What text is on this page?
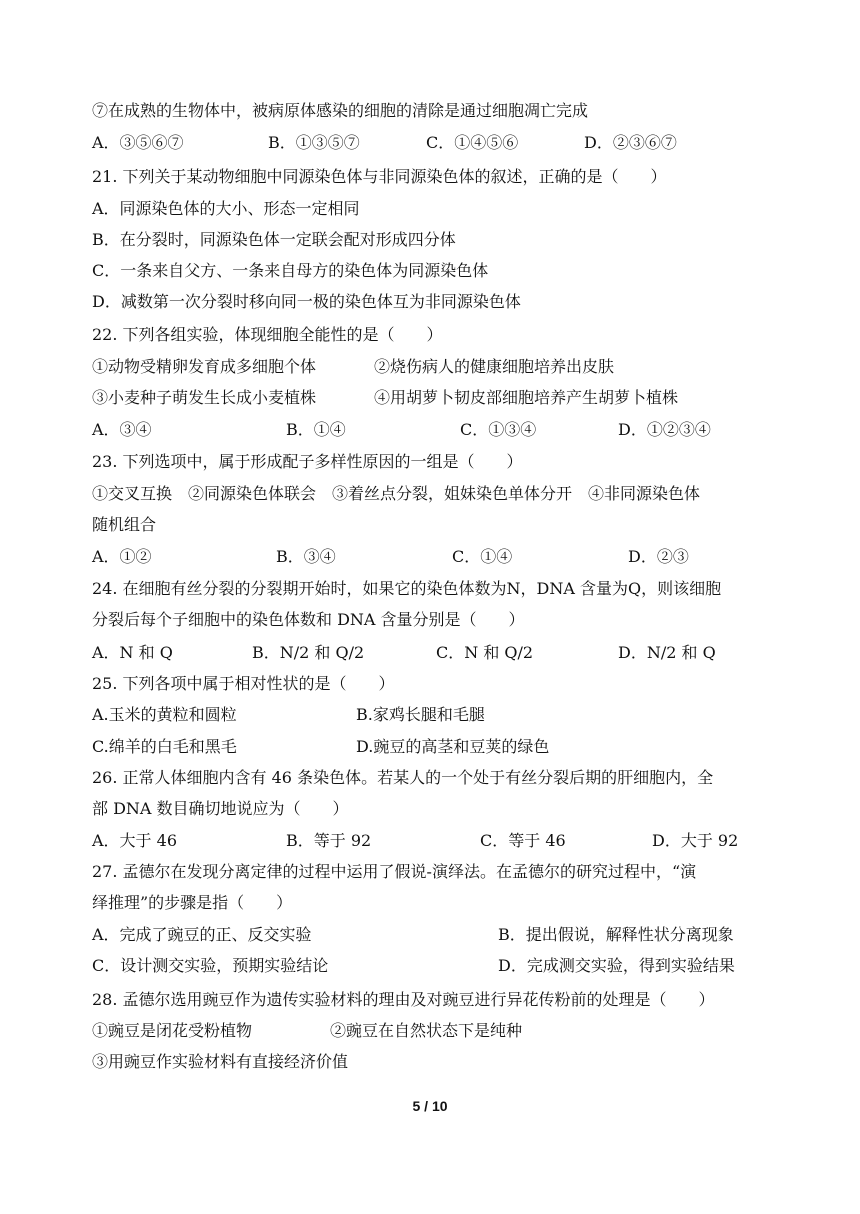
⑦在成熟的生物体中，被病原体感染的细胞的清除是通过细胞凋亡完成
A．③⑤⑥⑦	B．①③⑤⑦	C．①④⑤⑥	D．②③⑥⑦
21. 下列关于某动物细胞中同源染色体与非同源染色体的叙述，正确的是（　　）
A．同源染色体的大小、形态一定相同
B．在分裂时，同源染色体一定联会配对形成四分体
C．一条来自父方、一条来自母方的染色体为同源染色体
D．减数第一次分裂时移向同一极的染色体互为非同源染色体
22. 下列各组实验，体现细胞全能性的是（　　）
①动物受精卵发育成多细胞个体	②烧伤病人的健康细胞培养出皮肤
③小麦种子萌发生长成小麦植株	④用胡萝卜韧皮部细胞培养产生胡萝卜植株
A．③④	B．①④	C．①③④	D．①②③④
23. 下列选项中，属于形成配子多样性原因的一组是（　　）
①交叉互换　②同源染色体联会　③着丝点分裂，姐妹染色单体分开　④非同源染色体
随机组合
A．①②	B．③④	C．①④	D．②③
24. 在细胞有丝分裂的分裂期开始时，如果它的染色体数为N，DNA 含量为Q，则该细胞
分裂后每个子细胞中的染色体数和 DNA 含量分别是（　　）
A．N 和 Q	B．N/2 和 Q/2	C．N 和 Q/2	D．N/2 和 Q
25. 下列各项中属于相对性状的是（　　）
A.玉米的黄粒和圆粒	B.家鸡长腿和毛腿
C.绵羊的白毛和黑毛	D.豌豆的高茎和豆荚的绿色
26. 正常人体细胞内含有 46 条染色体。若某人的一个处于有丝分裂后期的肝细胞内，全
部 DNA 数目确切地说应为（　　）
A．大于 46	B．等于 92	C．等于 46	D．大于 92
27. 孟德尔在发现分离定律的过程中运用了假说-演绎法。在孟德尔的研究过程中，“演
绎推理”的步骤是指（　　）
A．完成了豌豆的正、反交实验	B．提出假说，解释性状分离现象
C．设计测交实验，预期实验结论	D．完成测交实验，得到实验结果
28. 孟德尔选用豌豆作为遗传实验材料的理由及对豌豆进行异花传粉前的处理是（　　）
①豌豆是闭花受粉植物	②豌豆在自然状态下是纯种
③用豌豆作实验材料有直接经济价值
5 / 10
